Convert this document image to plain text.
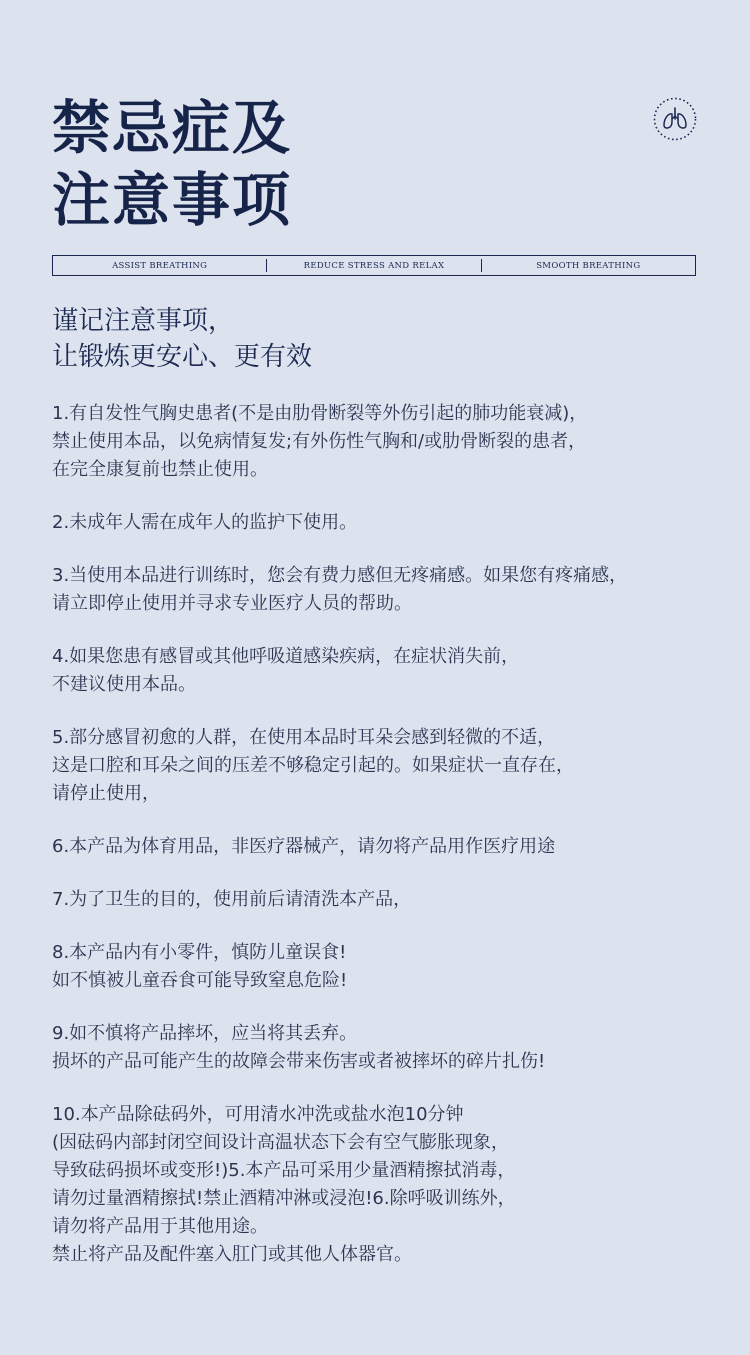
禁忌症及
注意事项
ASSIST BREATHING	REDUCE STRESS AND RELAX	SMOOTH BREATHING
谨记注意事项，
让锻炼更安心、更有效
1.有自发性气胸史患者(不是由肋骨断裂等外伤引起的肺功能衰减)，
禁止使用本品，以免病情复发;有外伤性气胸和/或肋骨断裂的患者，
在完全康复前也禁止使用。
2.未成年人需在成年人的监护下使用。
3.当使用本品进行训练时，您会有费力感但无疼痛感。如果您有疼痛感，
请立即停止使用并寻求专业医疗人员的帮助。
4.如果您患有感冒或其他呼吸道感染疾病，在症状消失前，
不建议使用本品。
5.部分感冒初愈的人群，在使用本品时耳朵会感到轻微的不适，
这是口腔和耳朵之间的压差不够稳定引起的。如果症状一直存在，
请停止使用，
6.本产品为体育用品，非医疗器械产，请勿将产品用作医疗用途
7.为了卫生的目的，使用前后请清洗本产品，
8.本产品内有小零件，慎防儿童误食!
如不慎被儿童吞食可能导致窒息危险!
9.如不慎将产品摔坏，应当将其丢弃。
损坏的产品可能产生的故障会带来伤害或者被摔坏的碎片扎伤!
10.本产品除砝码外，可用清水冲洗或盐水泡10分钟
(因砝码内部封闭空间设计高温状态下会有空气膨胀现象，
导致砝码损坏或变形!)5.本产品可采用少量酒精擦拭消毒，
请勿过量酒精擦拭!禁止酒精冲淋或浸泡!6.除呼吸训练外，
请勿将产品用于其他用途。
禁止将产品及配件塞入肛门或其他人体器官。
